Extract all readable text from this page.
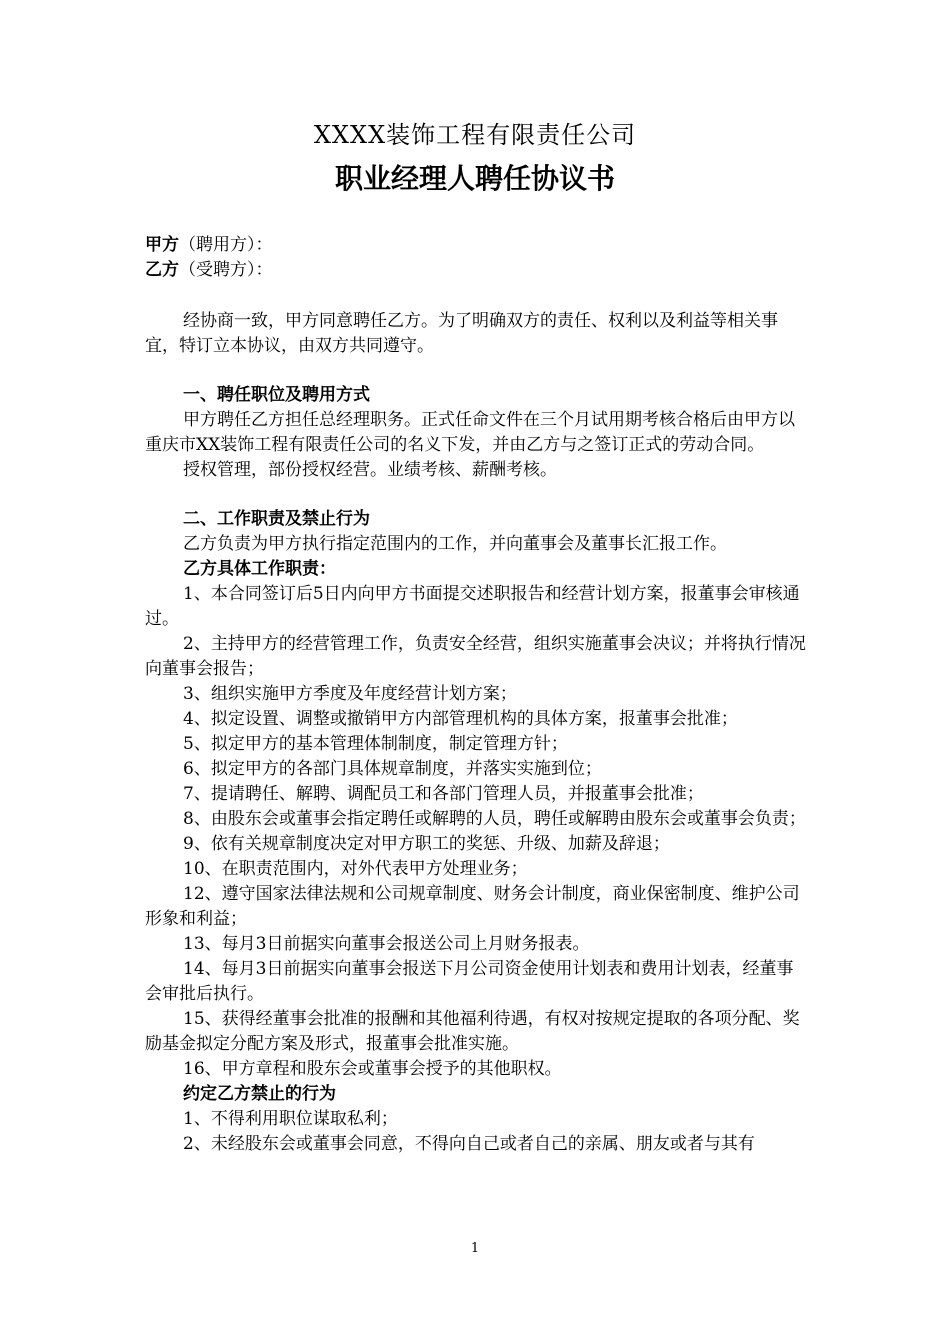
XXXX装饰工程有限责任公司
职业经理人聘任协议书

甲方（聘用方）：

乙方（受聘方）：

经协商一致，甲方同意聘任乙方。为了明确双方的责任、权利以及利益等相关事宜，特订立本协议，由双方共同遵守。

一、聘任职位及聘用方式

甲方聘任乙方担任总经理职务。正式任命文件在三个月试用期考核合格后由甲方以重庆市XX装饰工程有限责任公司的名义下发，并由乙方与之签订正式的劳动合同。

授权管理，部份授权经营。业绩考核、薪酬考核。

二、工作职责及禁止行为

乙方负责为甲方执行指定范围内的工作，并向董事会及董事长汇报工作。

乙方具体工作职责：

1、本合同签订后5日内向甲方书面提交述职报告和经营计划方案，报董事会审核通过。

2、主持甲方的经营管理工作，负责安全经营，组织实施董事会决议；并将执行情况向董事会报告；

3、组织实施甲方季度及年度经营计划方案；

4、拟定设置、调整或撤销甲方内部管理机构的具体方案，报董事会批准；

5、拟定甲方的基本管理体制制度，制定管理方针；

6、拟定甲方的各部门具体规章制度，并落实实施到位；

7、提请聘任、解聘、调配员工和各部门管理人员，并报董事会批准；

8、由股东会或董事会指定聘任或解聘的人员，聘任或解聘由股东会或董事会负责；

9、依有关规章制度决定对甲方职工的奖惩、升级、加薪及辞退；

10、在职责范围内，对外代表甲方处理业务；

12、遵守国家法律法规和公司规章制度、财务会计制度，商业保密制度、维护公司形象和利益；

13、每月3日前据实向董事会报送公司上月财务报表。

14、每月3日前据实向董事会报送下月公司资金使用计划表和费用计划表，经董事会审批后执行。

15、获得经董事会批准的报酬和其他福利待遇，有权对按规定提取的各项分配、奖励基金拟定分配方案及形式，报董事会批准实施。

16、甲方章程和股东会或董事会授予的其他职权。

约定乙方禁止的行为

1、不得利用职位谋取私利；

2、未经股东会或董事会同意，不得向自己或者自己的亲属、朋友或者与其有

1
